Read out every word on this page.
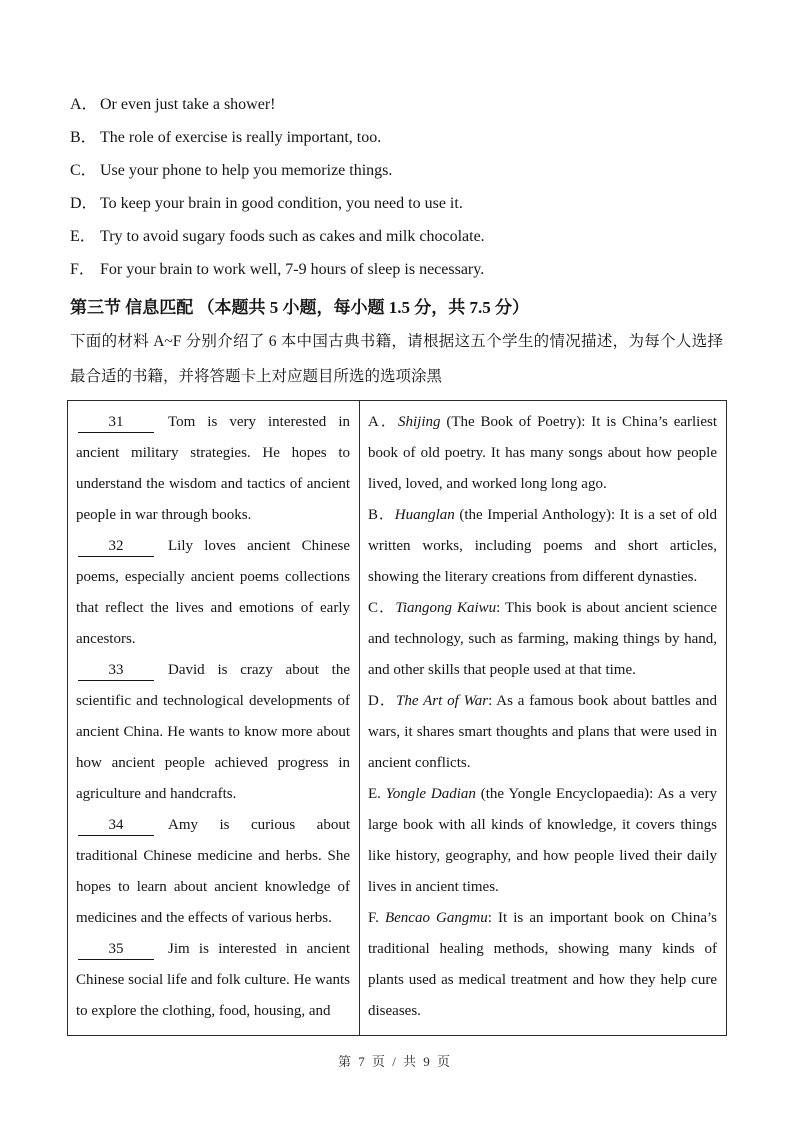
A． Or even just take a shower!

B． The role of exercise is really important, too.

C． Use your phone to help you memorize things.

D． To keep your brain in good condition, you need to use it.

E． Try to avoid sugary foods such as cakes and milk chocolate.

F． For your brain to work well, 7-9 hours of sleep is necessary.

第三节 信息匹配 （本题共 5 小题，每小题 1.5 分，共 7.5 分）

下面的材料 A~F 分别介绍了 6 本中国古典书籍，请根据这五个学生的情况描述，为每个人选择最合适的书籍，并将答题卡上对应题目所选的选项涂黑

31	Tom is very interested in ancient military strategies. He hopes to understand the wisdom and tactics of ancient people in war through books.

32	Lily loves ancient Chinese poems, especially ancient poems collections that reflect the lives and emotions of early ancestors.

33	David is crazy about the scientific and technological developments of ancient China. He wants to know more about how ancient people achieved progress in agriculture and handcrafts.

34	Amy is curious about traditional Chinese medicine and herbs. She hopes to learn about ancient knowledge of medicines and the effects of various herbs.

35	Jim is interested in ancient Chinese social life and folk culture. He wants to explore the clothing, food, housing, and

A．Shijing (The Book of Poetry): It is China’s earliest book of old poetry. It has many songs about how people lived, loved, and worked long long ago.

B．Huanglan (the Imperial Anthology): It is a set of old written works, including poems and short articles, showing the literary creations from different dynasties.

C．Tiangong Kaiwu: This book is about ancient science and technology, such as farming, making things by hand, and other skills that people used at that time.

D．The Art of War: As a famous book about battles and wars, it shares smart thoughts and plans that were used in ancient conflicts.

E. Yongle Dadian (the Yongle Encyclopaedia): As a very large book with all kinds of knowledge, it covers things like history, geography, and how people lived their daily lives in ancient times.

F. Bencao Gangmu: It is an important book on China’s traditional healing methods, showing many kinds of plants used as medical treatment and how they help cure diseases.

第 7 页 / 共 9 页
